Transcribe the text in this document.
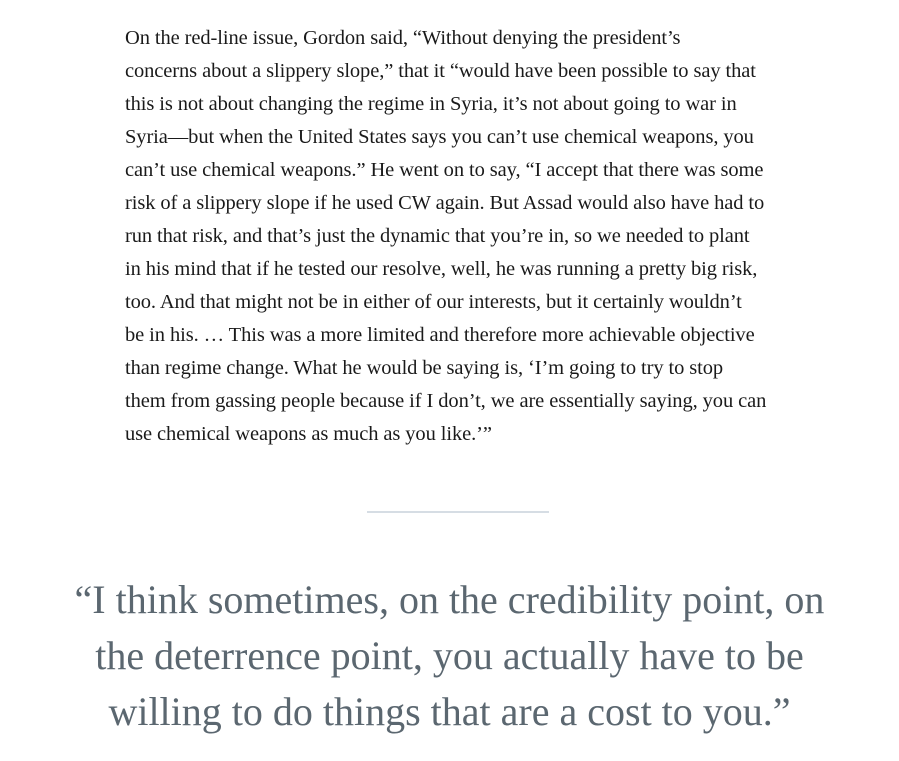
On the red-line issue, Gordon said, “Without denying the president’s
concerns about a slippery slope,” that it “would have been possible to say that
this is not about changing the regime in Syria, it’s not about going to war in
Syria—but when the United States says you can’t use chemical weapons, you
can’t use chemical weapons.” He went on to say, “I accept that there was some
risk of a slippery slope if he used CW again. But Assad would also have had to
run that risk, and that’s just the dynamic that you’re in, so we needed to plant
in his mind that if he tested our resolve, well, he was running a pretty big risk,
too. And that might not be in either of our interests, but it certainly wouldn’t
be in his. … This was a more limited and therefore more achievable objective
than regime change. What he would be saying is, ‘I’m going to try to stop
them from gassing people because if I don’t, we are essentially saying, you can
use chemical weapons as much as you like.’”

“I think sometimes, on the credibility point, on
the deterrence point, you actually have to be
willing to do things that are a cost to you.”
